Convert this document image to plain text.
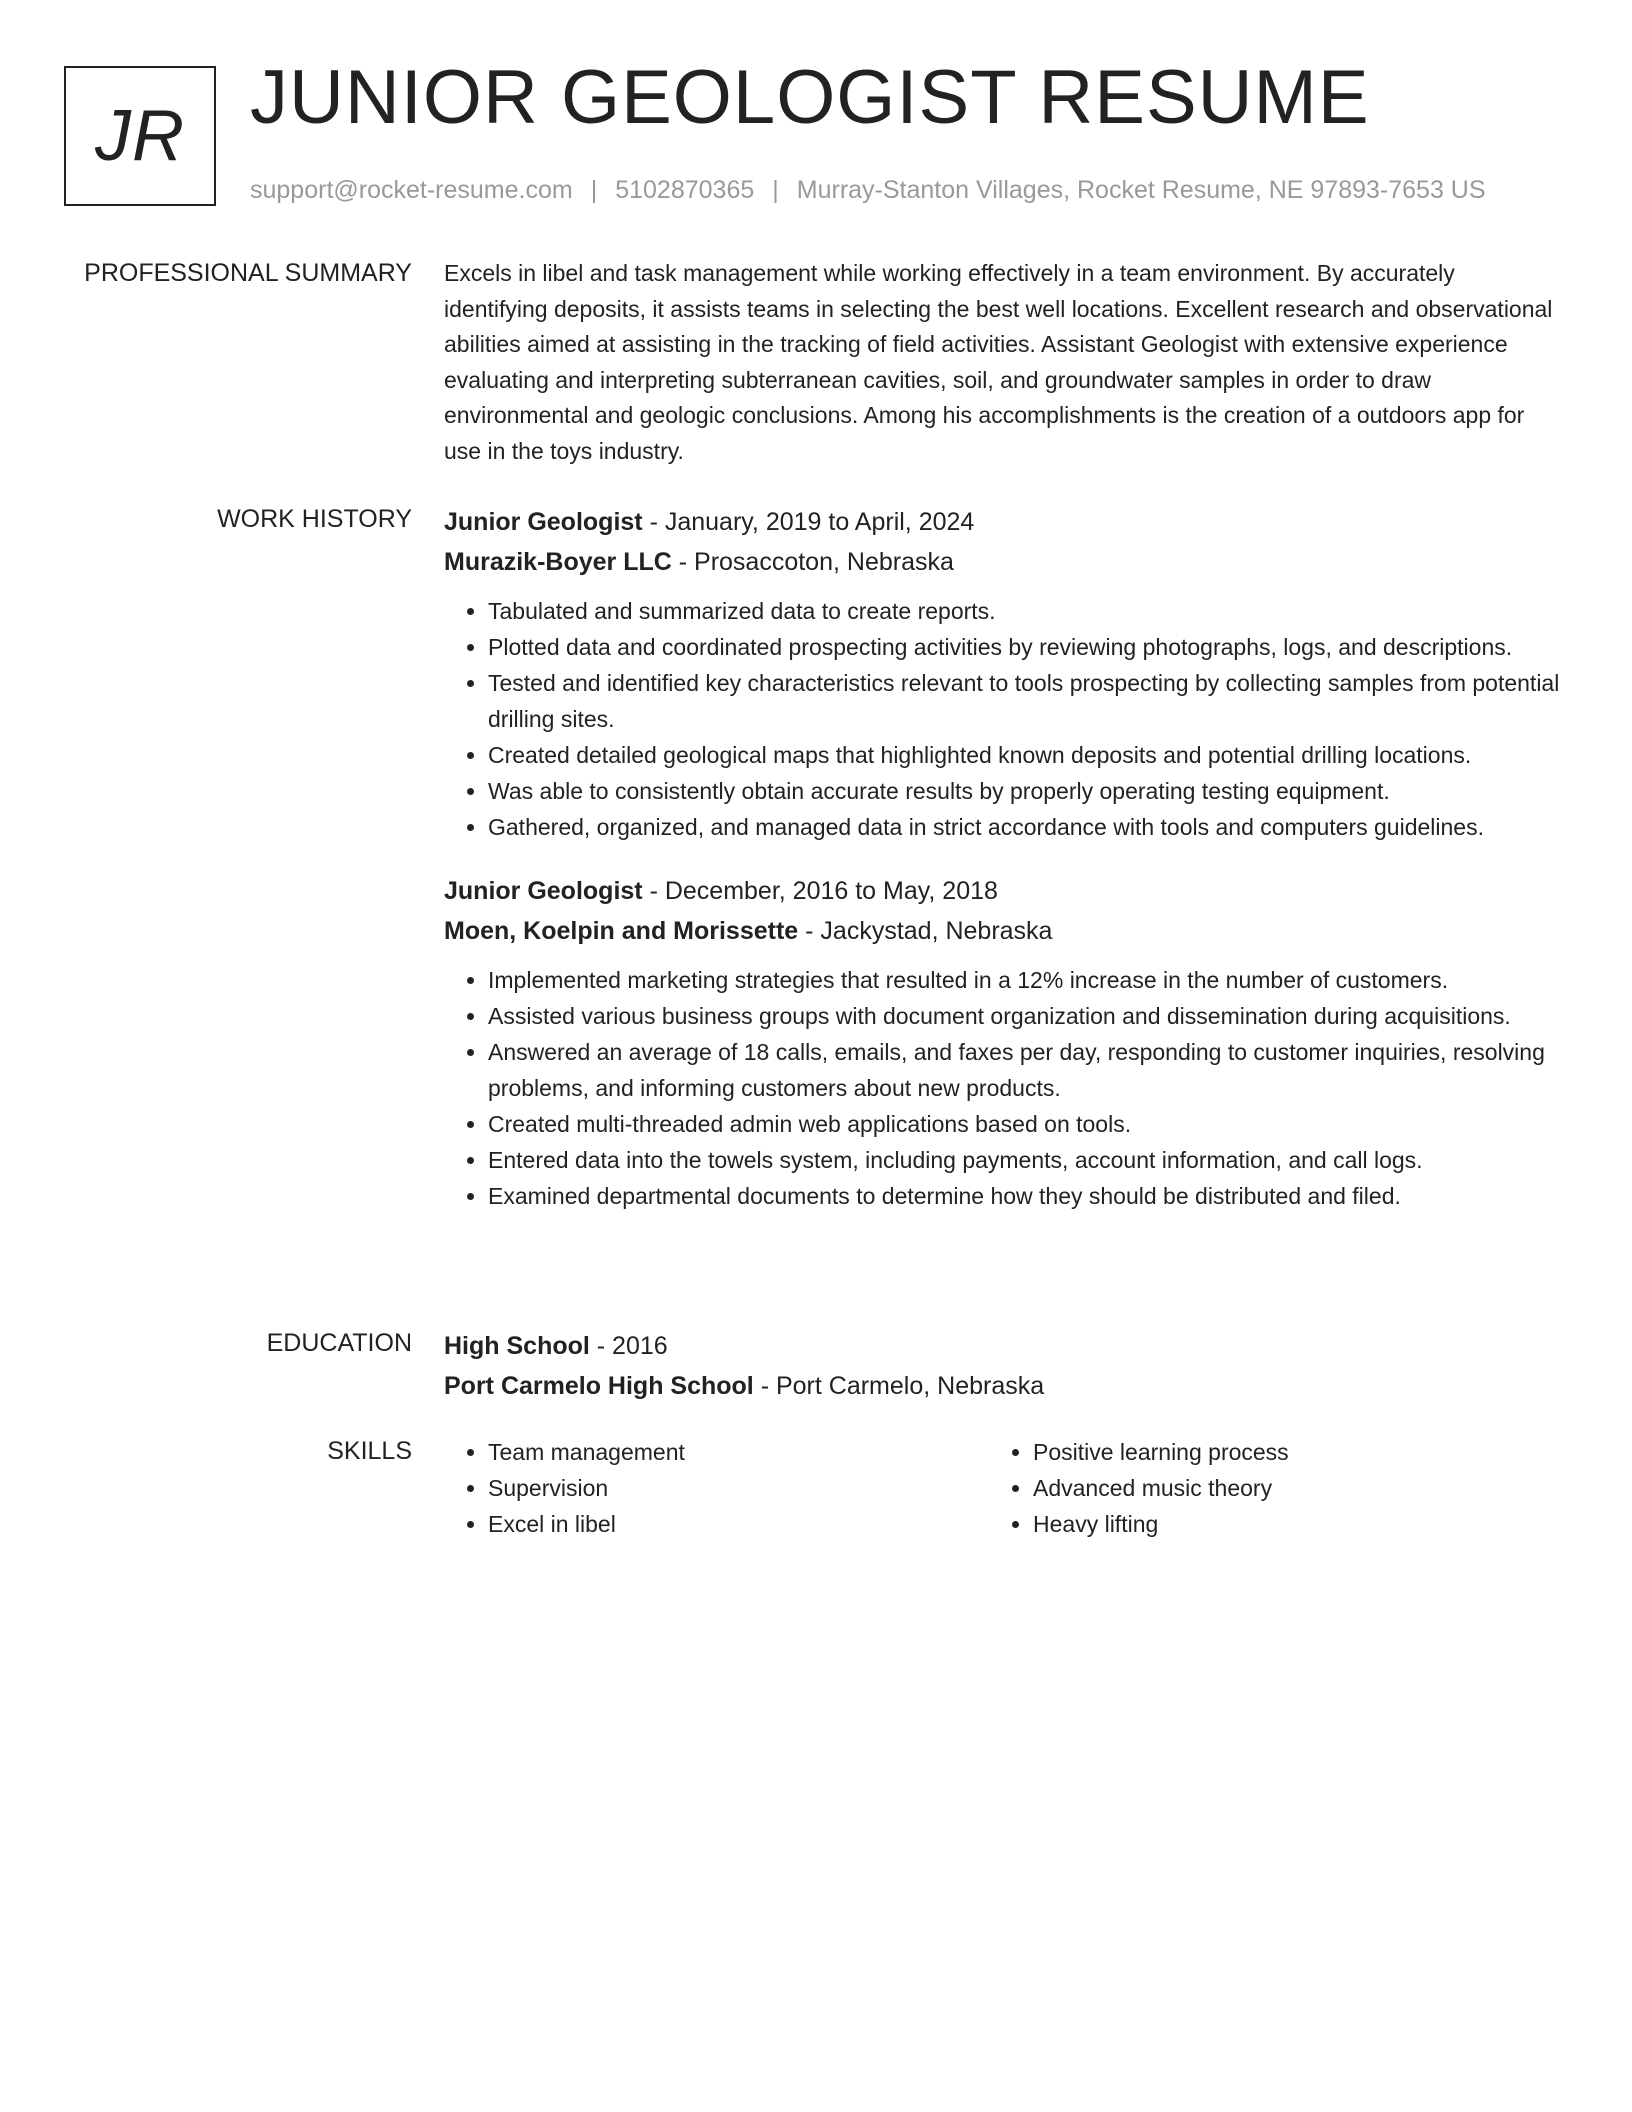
JR JUNIOR GEOLOGIST RESUME
support@rocket-resume.com | 5102870365 | Murray-Stanton Villages, Rocket Resume, NE 97893-7653 US
PROFESSIONAL SUMMARY Excels in libel and task management while working effectively in a team environment. By accurately identifying deposits, it assists teams in selecting the best well locations. Excellent research and observational abilities aimed at assisting in the tracking of field activities. Assistant Geologist with extensive experience evaluating and interpreting subterranean cavities, soil, and groundwater samples in order to draw environmental and geologic conclusions. Among his accomplishments is the creation of a outdoors app for use in the toys industry.

WORK HISTORY Junior Geologist - January, 2019 to April, 2024
Murazik-Boyer LLC - Prosaccoton, Nebraska
• Tabulated and summarized data to create reports.
• Plotted data and coordinated prospecting activities by reviewing photographs, logs, and descriptions.
• Tested and identified key characteristics relevant to tools prospecting by collecting samples from potential drilling sites.
• Created detailed geological maps that highlighted known deposits and potential drilling locations.
• Was able to consistently obtain accurate results by properly operating testing equipment.
• Gathered, organized, and managed data in strict accordance with tools and computers guidelines.
Junior Geologist - December, 2016 to May, 2018
Moen, Koelpin and Morissette - Jackystad, Nebraska
• Implemented marketing strategies that resulted in a 12% increase in the number of customers.
• Assisted various business groups with document organization and dissemination during acquisitions.
• Answered an average of 18 calls, emails, and faxes per day, responding to customer inquiries, resolving problems, and informing customers about new products.
• Created multi-threaded admin web applications based on tools.
• Entered data into the towels system, including payments, account information, and call logs.
• Examined departmental documents to determine how they should be distributed and filed.
EDUCATION High School - 2016
Port Carmelo High School - Port Carmelo, Nebraska
SKILLS
•	Team management
• Supervision
• Excel in libel
• Positive learning process
• Advanced music theory
• Heavy lifting
